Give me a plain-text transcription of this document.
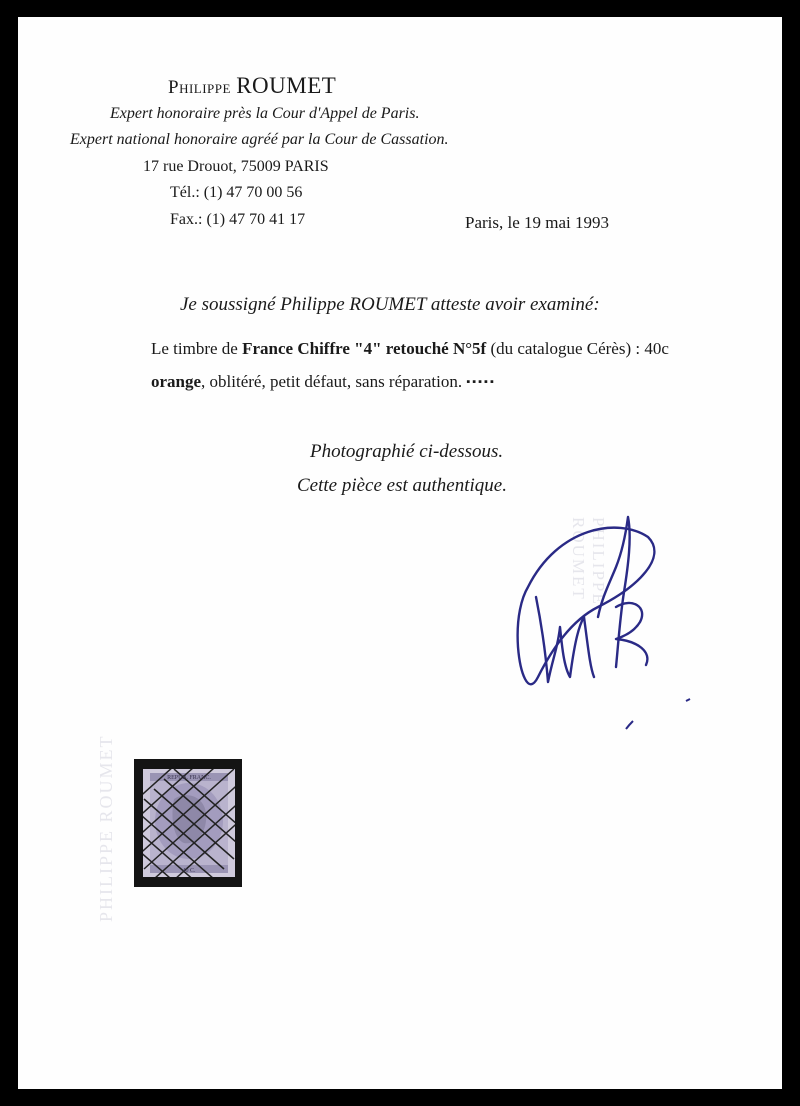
Philippe ROUMET
Expert honoraire près la Cour d'Appel de Paris.
Expert national honoraire agréé par la Cour de Cassation.
17 rue Drouot, 75009 PARIS
Tél.: (1) 47 70 00 56
Fax.: (1) 47 70 41 17	Paris, le 19 mai 1993
Je soussigné Philippe ROUMET atteste avoir examiné:
Le timbre de France Chiffre "4" retouché N°5f (du catalogue Cérès) : 40c
orange, oblitéré, petit défaut, sans réparation. ▪▪▪▪▪
Photographié ci-dessous.
Cette pièce est authentique.
PHILIPPE ROUMET
PHILIPPE ROUMET	REPUB. FRANC.
40 C.
